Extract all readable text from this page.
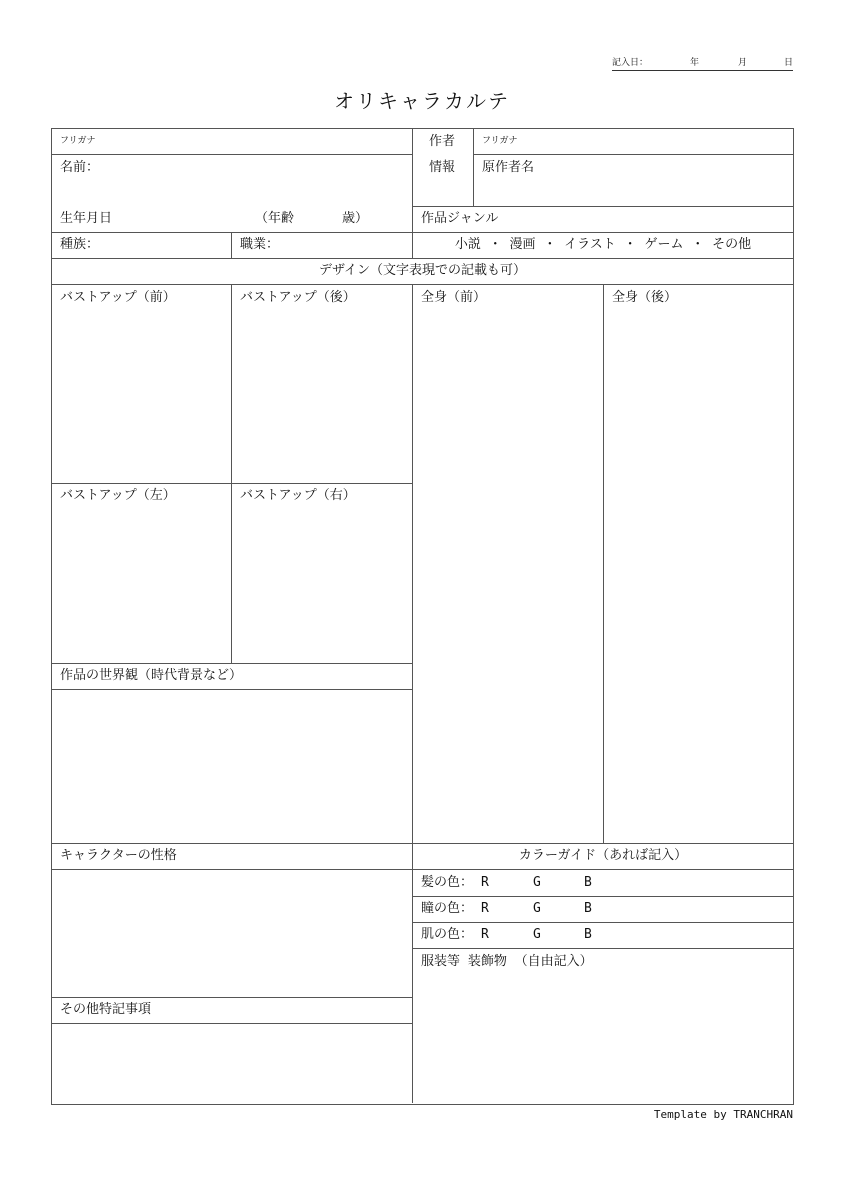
記入日：	年	月	日
オリキャラカルテ
フリガナ
名前：
生年月日	（年齢	歳）
種族：	職業：
作者
情報
フリガナ
原作者名
作品ジャンル
小説 ・ 漫画 ・ イラスト ・ ゲーム ・ その他
デザイン（文字表現での記載も可）
バストアップ（前）	バストアップ（後）	全身（前）	全身（後）
バストアップ（左）	バストアップ（右）
作品の世界観（時代背景など）
キャラクターの性格
その他特記事項
カラーガイド（あれば記入）
髪の色： R	G	B
瞳の色： R	G	B
肌の色： R	G	B
服装等 装飾物 （自由記入）
Template by TRANCHRAN
